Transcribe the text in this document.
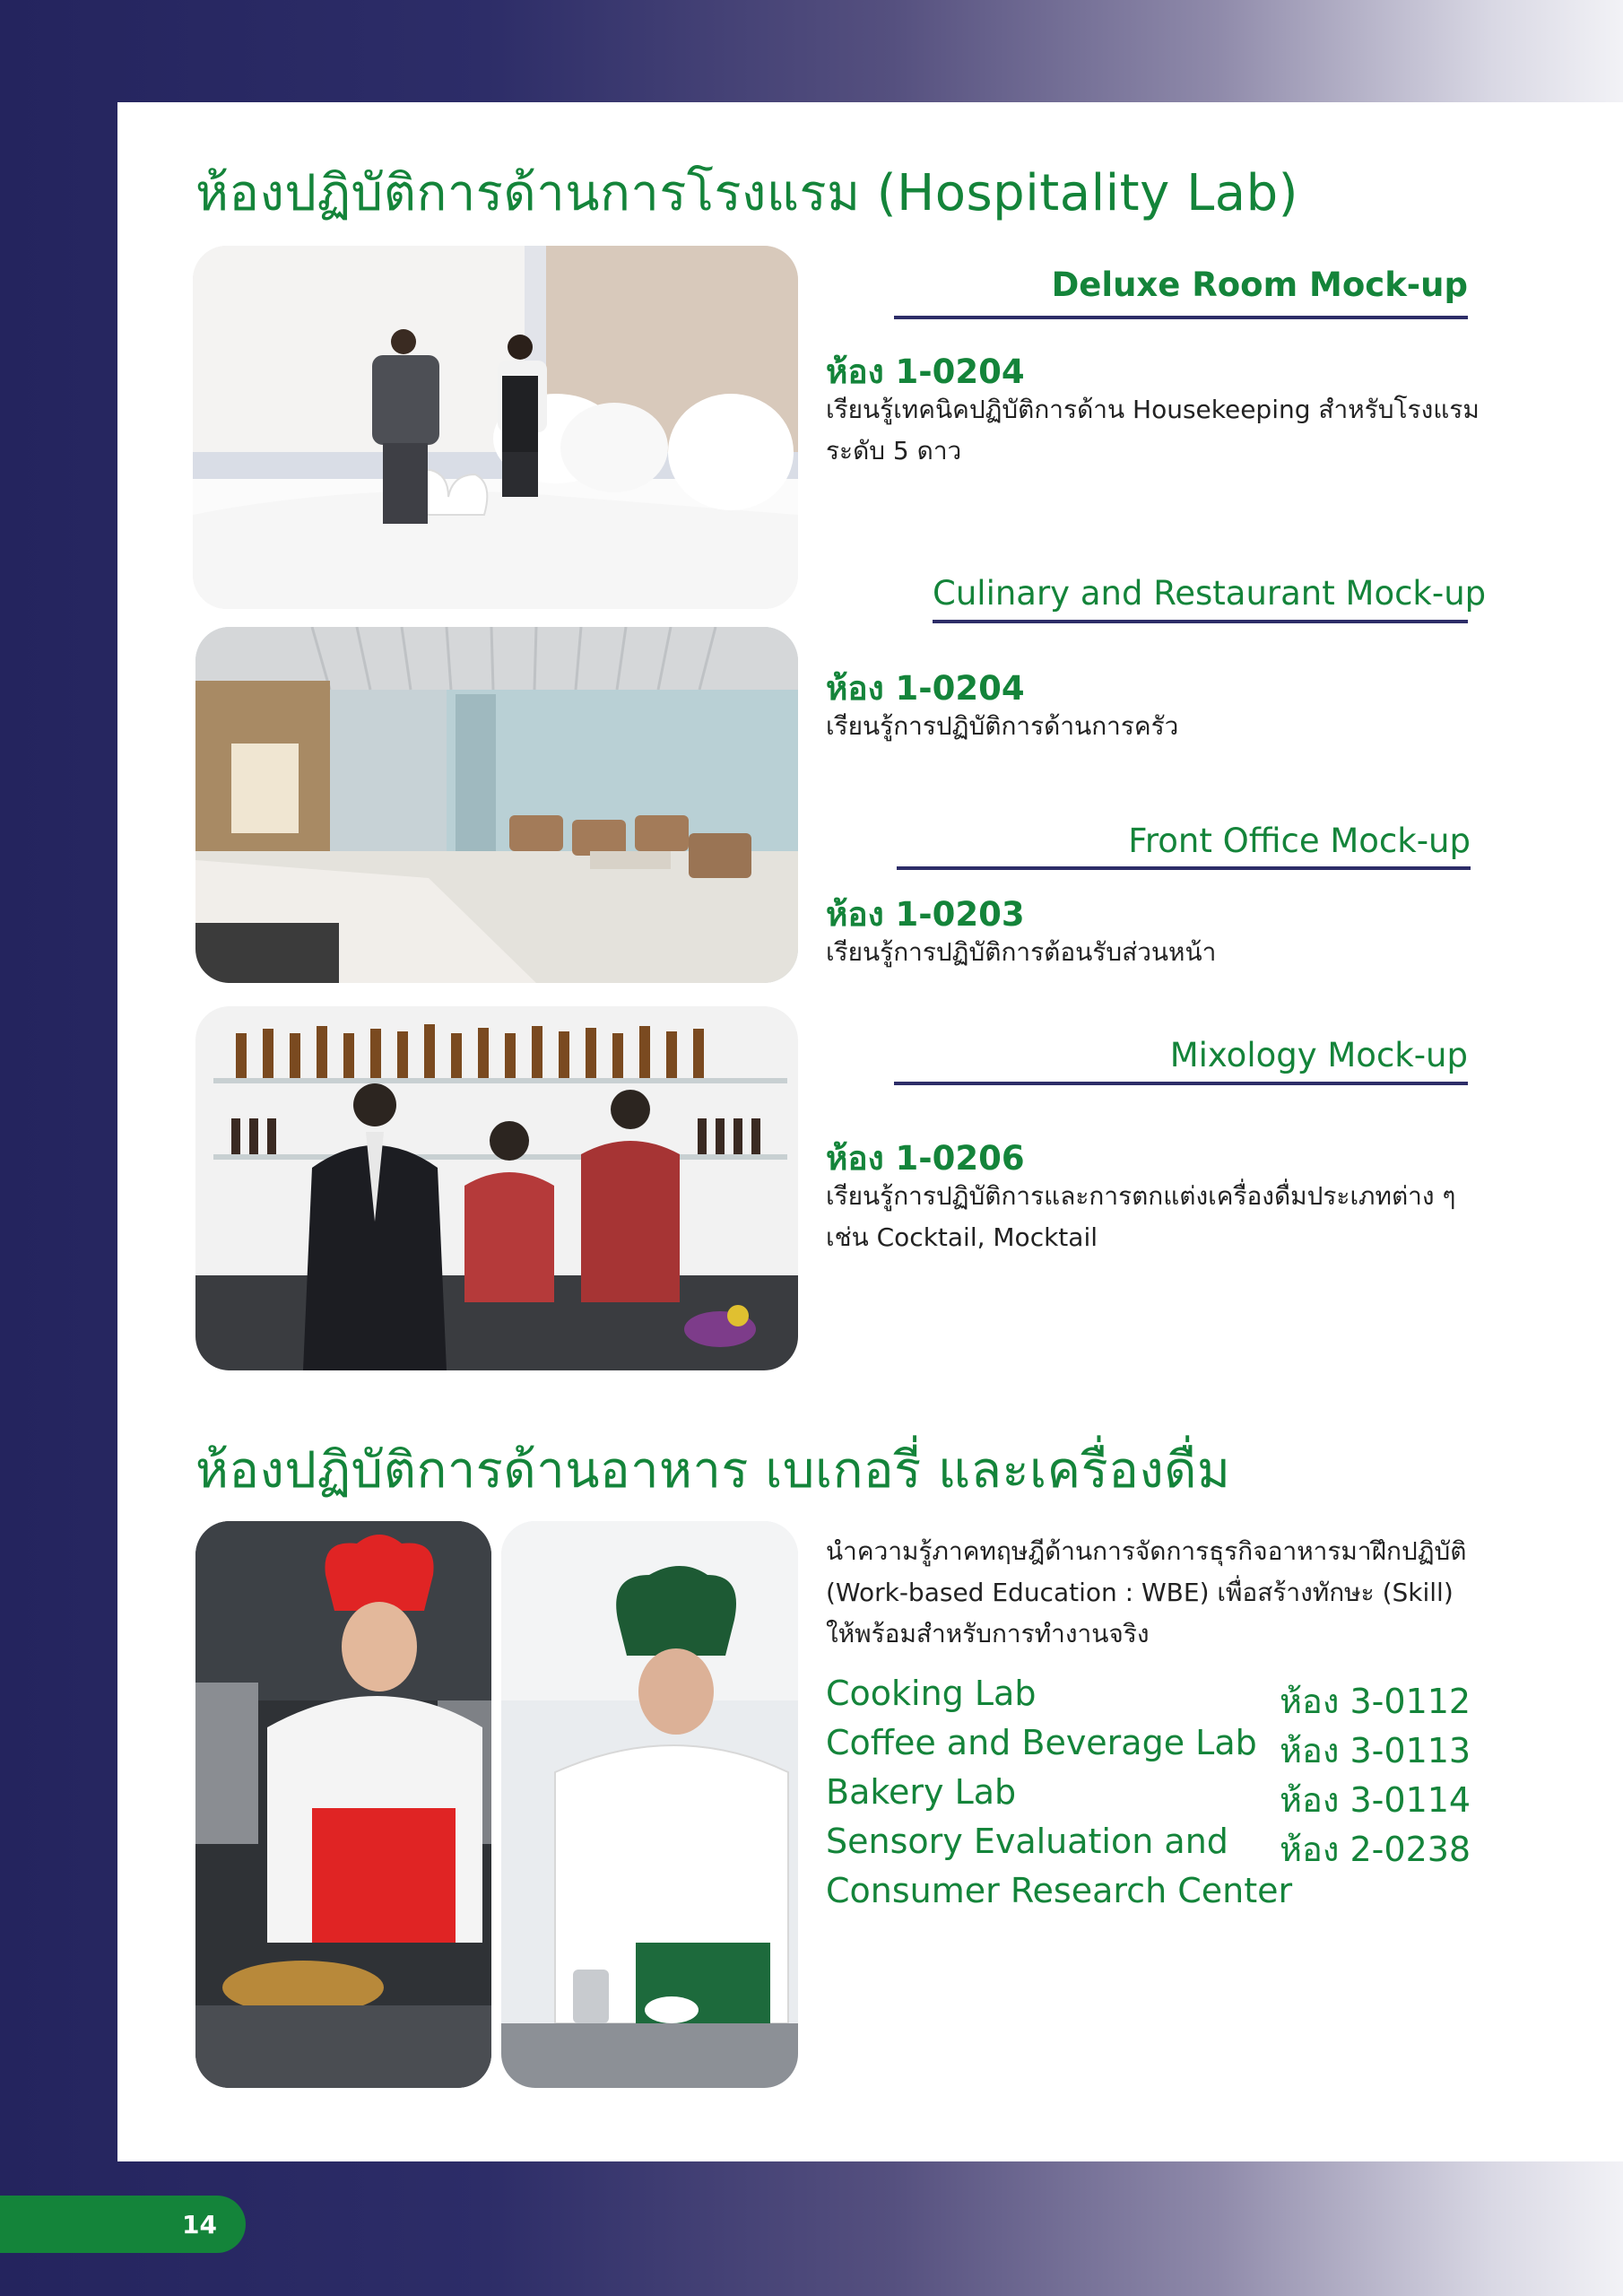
ห้องปฏิบัติการด้านการโรงแรม (Hospitality Lab)
Deluxe Room Mock-up
ห้อง 1-0204
เรียนรู้เทคนิคปฏิบัติการด้าน Housekeeping สำหรับโรงแรม
ระดับ 5 ดาว
Culinary and Restaurant Mock-up
ห้อง 1-0204
เรียนรู้การปฏิบัติการด้านการครัว
Front Office Mock-up
ห้อง 1-0203
เรียนรู้การปฏิบัติการต้อนรับส่วนหน้า
Mixology Mock-up
ห้อง 1-0206
เรียนรู้การปฏิบัติการและการตกแต่งเครื่องดื่มประเภทต่าง ๆ
เช่น Cocktail, Mocktail
ห้องปฏิบัติการด้านอาหาร เบเกอรี่ และเครื่องดื่ม
นำความรู้ภาคทฤษฎีด้านการจัดการธุรกิจอาหารมาฝึกปฏิบัติ
(Work-based Education : WBE) เพื่อสร้างทักษะ (Skill)
ให้พร้อมสำหรับการทำงานจริง
Cooking Lab	ห้อง 3-0112
Coffee and Beverage Lab ห้อง 3-0113
Bakery Lab	ห้อง 3-0114
Sensory Evaluation and ห้อง 2-0238
Consumer Research Center
14
